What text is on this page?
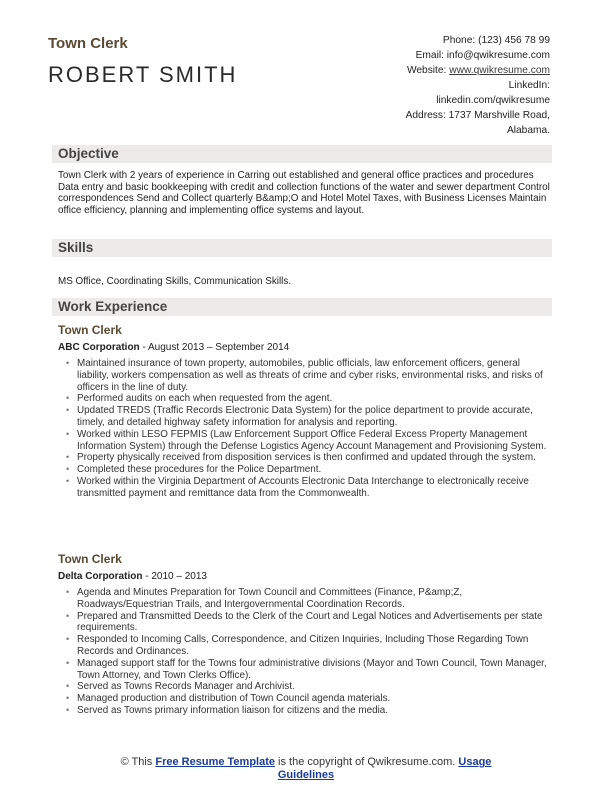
Town Clerk
ROBERT SMITH
Phone: (123) 456 78 99
Email: info@qwikresume.com
Website: www.qwikresume.com
LinkedIn:
linkedin.com/qwikresume
Address: 1737 Marshville Road,
Alabama.
Objective
Town Clerk with 2 years of experience in Carring out established and general office practices and procedures Data entry and basic bookkeeping with credit and collection functions of the water and sewer department Control correspondences Send and Collect quarterly B&amp;O and Hotel Motel Taxes, with Business Licenses Maintain office efficiency, planning and implementing office systems and layout.
Skills
MS Office, Coordinating Skills, Communication Skills.
Work Experience
Town Clerk
ABC Corporation - August 2013 – September 2014
• Maintained insurance of town property, automobiles, public officials, law enforcement officers, general liability, workers compensation as well as threats of crime and cyber risks, environmental risks, and risks of officers in the line of duty.
• Performed audits on each when requested from the agent.
• Updated TREDS (Traffic Records Electronic Data System) for the police department to provide accurate, timely, and detailed highway safety information for analysis and reporting.
• Worked within LESO FEPMIS (Law Enforcement Support Office Federal Excess Property Management Information System) through the Defense Logistics Agency Account Management and Provisioning System.
• Property physically received from disposition services is then confirmed and updated through the system.
• Completed these procedures for the Police Department.
• Worked within the Virginia Department of Accounts Electronic Data Interchange to electronically receive transmitted payment and remittance data from the Commonwealth.
Town Clerk
Delta Corporation - 2010 – 2013
• Agenda and Minutes Preparation for Town Council and Committees (Finance, P&amp;Z, Roadways/Equestrian Trails, and Intergovernmental Coordination Records.
• Prepared and Transmitted Deeds to the Clerk of the Court and Legal Notices and Advertisements per state requirements.
• Responded to Incoming Calls, Correspondence, and Citizen Inquiries, Including Those Regarding Town Records and Ordinances.
• Managed support staff for the Towns four administrative divisions (Mayor and Town Council, Town Manager, Town Attorney, and Town Clerks Office).
• Served as Towns Records Manager and Archivist.
• Managed production and distribution of Town Council agenda materials.
• Served as Towns primary information liaison for citizens and the media.
© This Free Resume Template is the copyright of Qwikresume.com. Usage
Guidelines
